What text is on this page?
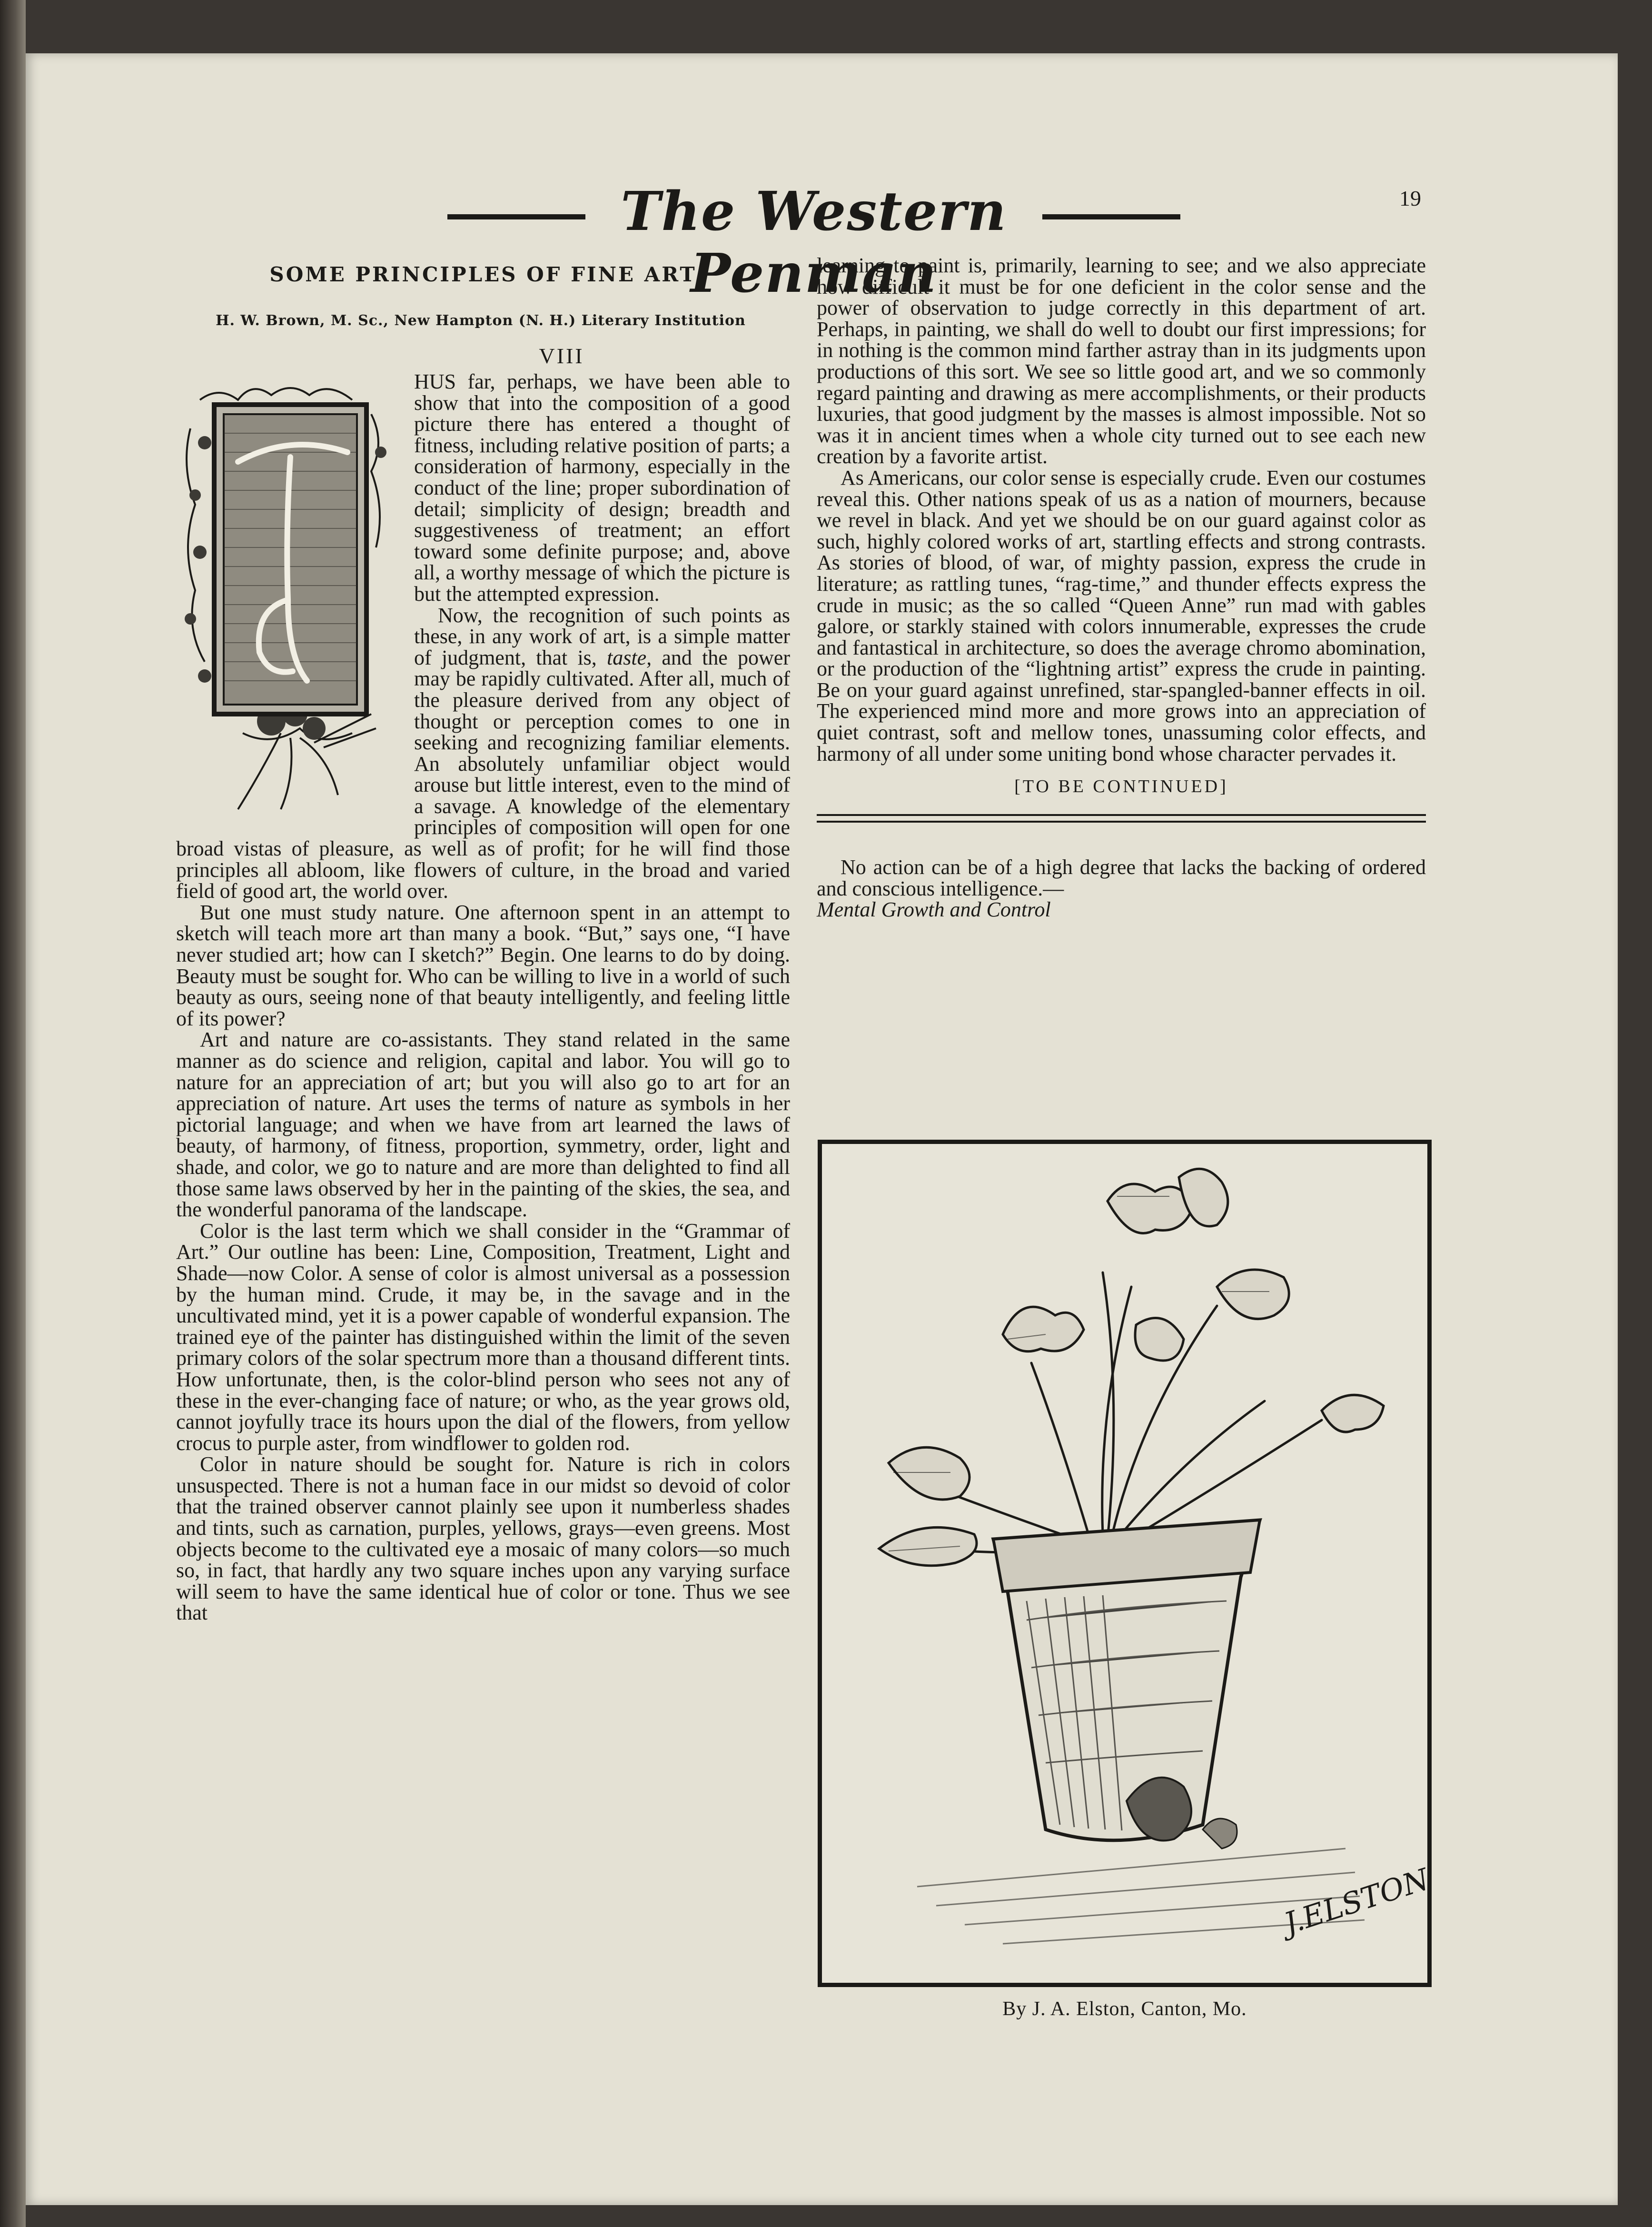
The Western Penman
19
SOME PRINCIPLES OF FINE ART
H. W. Brown, M. Sc., New Hampton (N. H.) Literary Institution
VIII

HUS far, perhaps, we have been able to show that into the composition of a good picture there has entered a thought of fitness, including relative position of parts; a consideration of harmony, especially in the conduct of the line; proper subordination of detail; simplicity of design; breadth and suggestiveness of treatment; an effort toward some definite purpose; and, above all, a worthy message of which the picture is but the attempted expression.

Now, the recognition of such points as these, in any work of art, is a simple matter of judgment, that is, taste, and the power may be rapidly cultivated. After all, much of the pleasure derived from any object of thought or perception comes to one in seeking and recognizing familiar elements. An absolutely unfamiliar object would arouse but little interest, even to the mind of a savage. A knowledge of the elementary principles of composition will open for one broad vistas of pleasure, as well as of profit; for he will find those principles all abloom, like flowers of culture, in the broad and varied field of good art, the world over.

But one must study nature. One afternoon spent in an attempt to sketch will teach more art than many a book. “But,” says one, “I have never studied art; how can I sketch?” Begin. One learns to do by doing. Beauty must be sought for. Who can be willing to live in a world of such beauty as ours, seeing none of that beauty intelligently, and feeling little of its power?

Art and nature are co-assistants. They stand related in the same manner as do science and religion, capital and labor. You will go to nature for an appreciation of art; but you will also go to art for an appreciation of nature. Art uses the terms of nature as symbols in her pictorial language; and when we have from art learned the laws of beauty, of harmony, of fitness, proportion, symmetry, order, light and shade, and color, we go to nature and are more than delighted to find all those same laws observed by her in the painting of the skies, the sea, and the wonderful panorama of the landscape.

Color is the last term which we shall consider in the “Grammar of Art.” Our outline has been: Line, Composition, Treatment, Light and Shade—now Color. A sense of color is almost universal as a possession by the human mind. Crude, it may be, in the savage and in the uncultivated mind, yet it is a power capable of wonderful expansion. The trained eye of the painter has distinguished within the limit of the seven primary colors of the solar spectrum more than a thousand different tints. How unfortunate, then, is the color-blind person who sees not any of these in the ever-changing face of nature; or who, as the year grows old, cannot joyfully trace its hours upon the dial of the flowers, from yellow crocus to purple aster, from windflower to golden rod.

Color in nature should be sought for. Nature is rich in colors unsuspected. There is not a human face in our midst so devoid of color that the trained observer cannot plainly see upon it numberless shades and tints, such as carnation, purples, yellows, grays—even greens. Most objects become to the cultivated eye a mosaic of many colors—so much so, in fact, that hardly any two square inches upon any varying surface will seem to have the same identical hue of color or tone. Thus we see that

learning to paint is, primarily, learning to see; and we also appreciate how difficult it must be for one deficient in the color sense and the power of observation to judge correctly in this department of art. Perhaps, in painting, we shall do well to doubt our first impressions; for in nothing is the common mind farther astray than in its judgments upon productions of this sort. We see so little good art, and we so commonly regard painting and drawing as mere accomplishments, or their products luxuries, that good judgment by the masses is almost impossible. Not so was it in ancient times when a whole city turned out to see each new creation by a favorite artist.

As Americans, our color sense is especially crude. Even our costumes reveal this. Other nations speak of us as a nation of mourners, because we revel in black. And yet we should be on our guard against color as such, highly colored works of art, startling effects and strong contrasts. As stories of blood, of war, of mighty passion, express the crude in literature; as rattling tunes, “rag-time,” and thunder effects express the crude in music; as the so called “Queen Anne” run mad with gables galore, or starkly stained with colors innumerable, expresses the crude and fantastical in architecture, so does the average chromo abomination, or the production of the “lightning artist” express the crude in painting. Be on your guard against unrefined, star-spangled-banner effects in oil. The experienced mind more and more grows into an appreciation of quiet contrast, soft and mellow tones, unassuming color effects, and harmony of all under some uniting bond whose character pervades it.

[TO BE CONTINUED]

No action can be of a high degree that lacks the backing of ordered and conscious intelligence.—
Mental Growth and Control

J.ELSTON.
By J. A. Elston, Canton, Mo.
